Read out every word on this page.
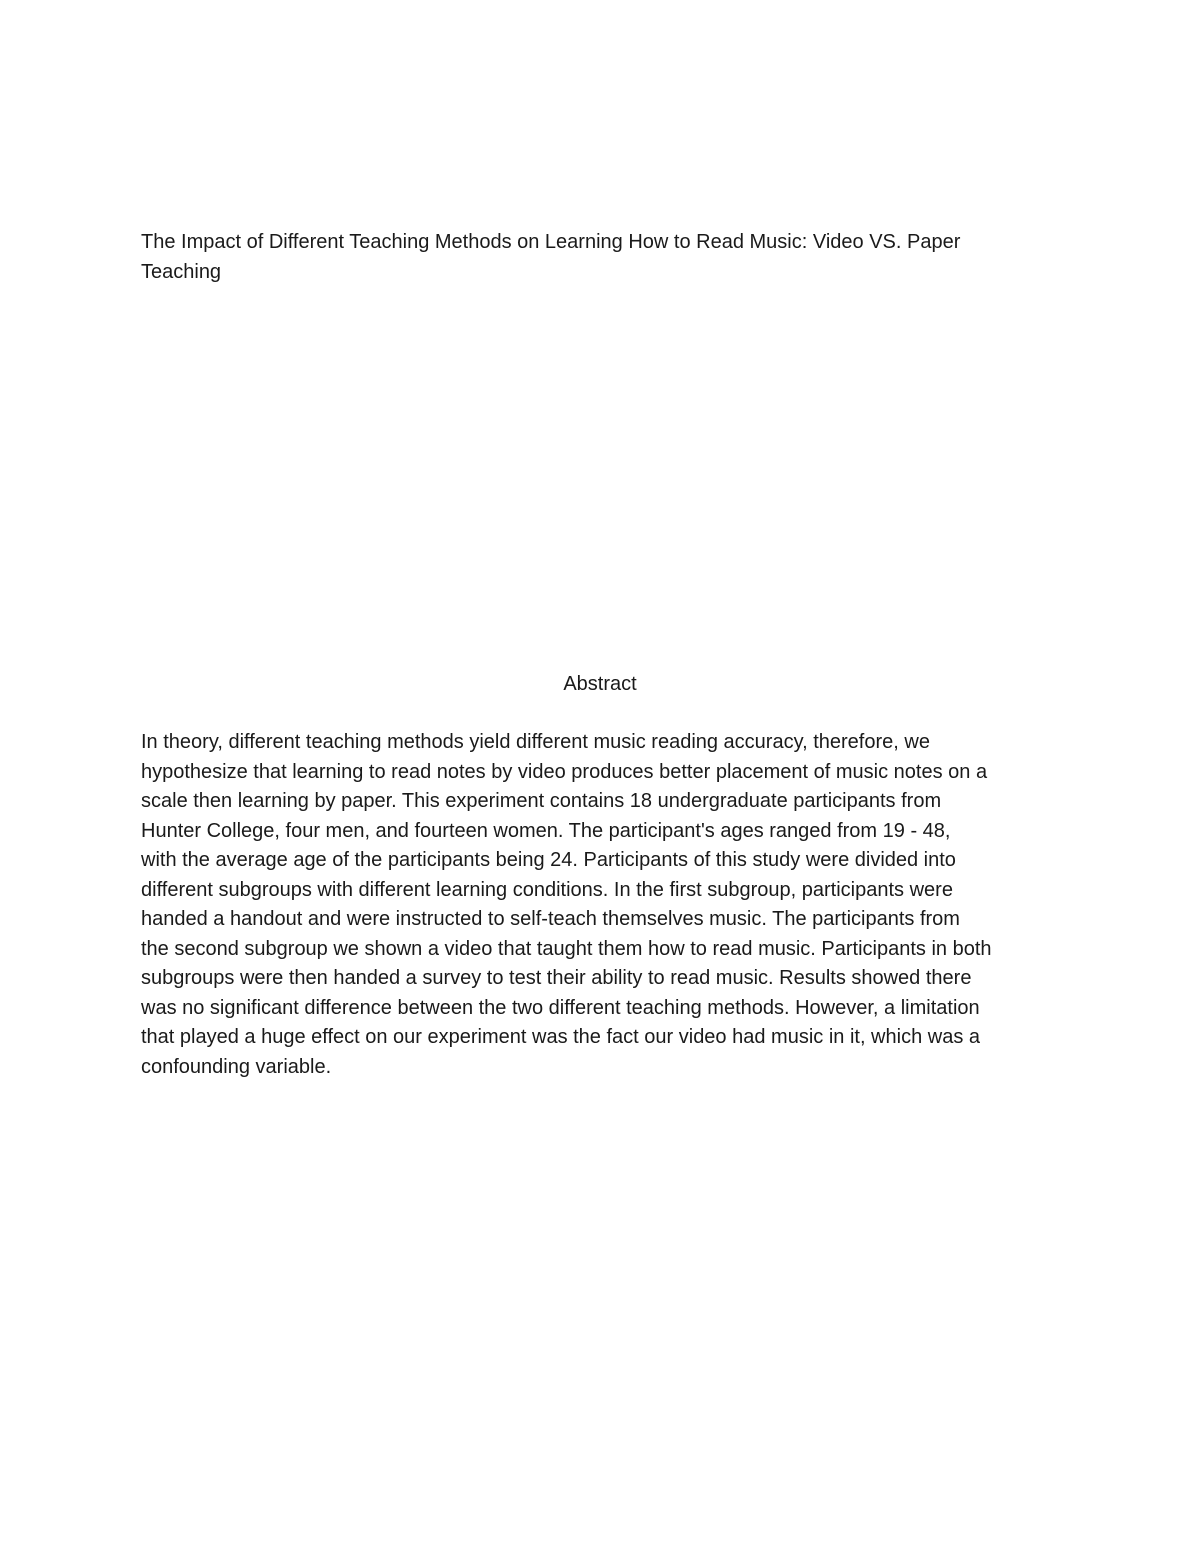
The Impact of Different Teaching Methods on Learning How to Read Music: Video VS. Paper
Teaching
Abstract

In theory, different teaching methods yield different music reading accuracy, therefore, we
hypothesize that learning to read notes by video produces better placement of music notes on a
scale then learning by paper. This experiment contains 18 undergraduate participants from
Hunter College, four men, and fourteen women. The participant's ages ranged from 19 - 48,
with the average age of the participants being 24. Participants of this study were divided into
different subgroups with different learning conditions. In the first subgroup, participants were
handed a handout and were instructed to self-teach themselves music. The participants from
the second subgroup we shown a video that taught them how to read music. Participants in both
subgroups were then handed a survey to test their ability to read music. Results showed there
was no significant difference between the two different teaching methods. However, a limitation
that played a huge effect on our experiment was the fact our video had music in it, which was a
confounding variable.
